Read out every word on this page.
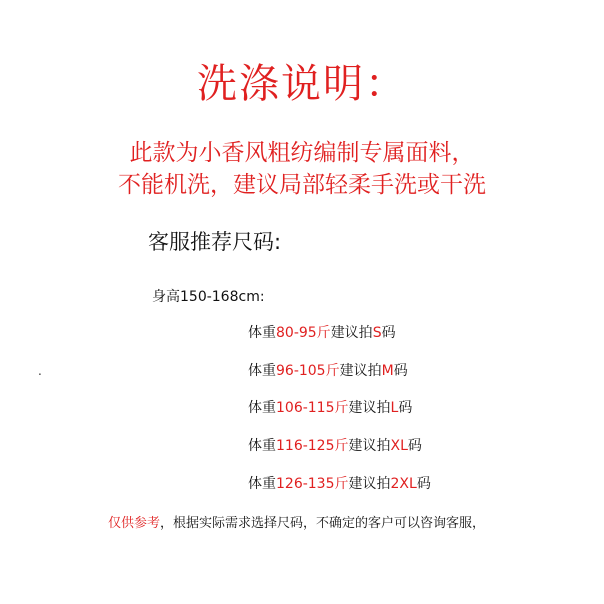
洗涤说明：
此款为小香风粗纺编制专属面料，
不能机洗，建议局部轻柔手洗或干洗
客服推荐尺码:
身高150-168cm:
体重80-95斤建议拍S码
体重96-105斤建议拍M码
体重106-115斤建议拍L码
体重116-125斤建议拍XL码
体重126-135斤建议拍2XL码
.
仅供参考，根据实际需求选择尺码，不确定的客户可以咨询客服，
